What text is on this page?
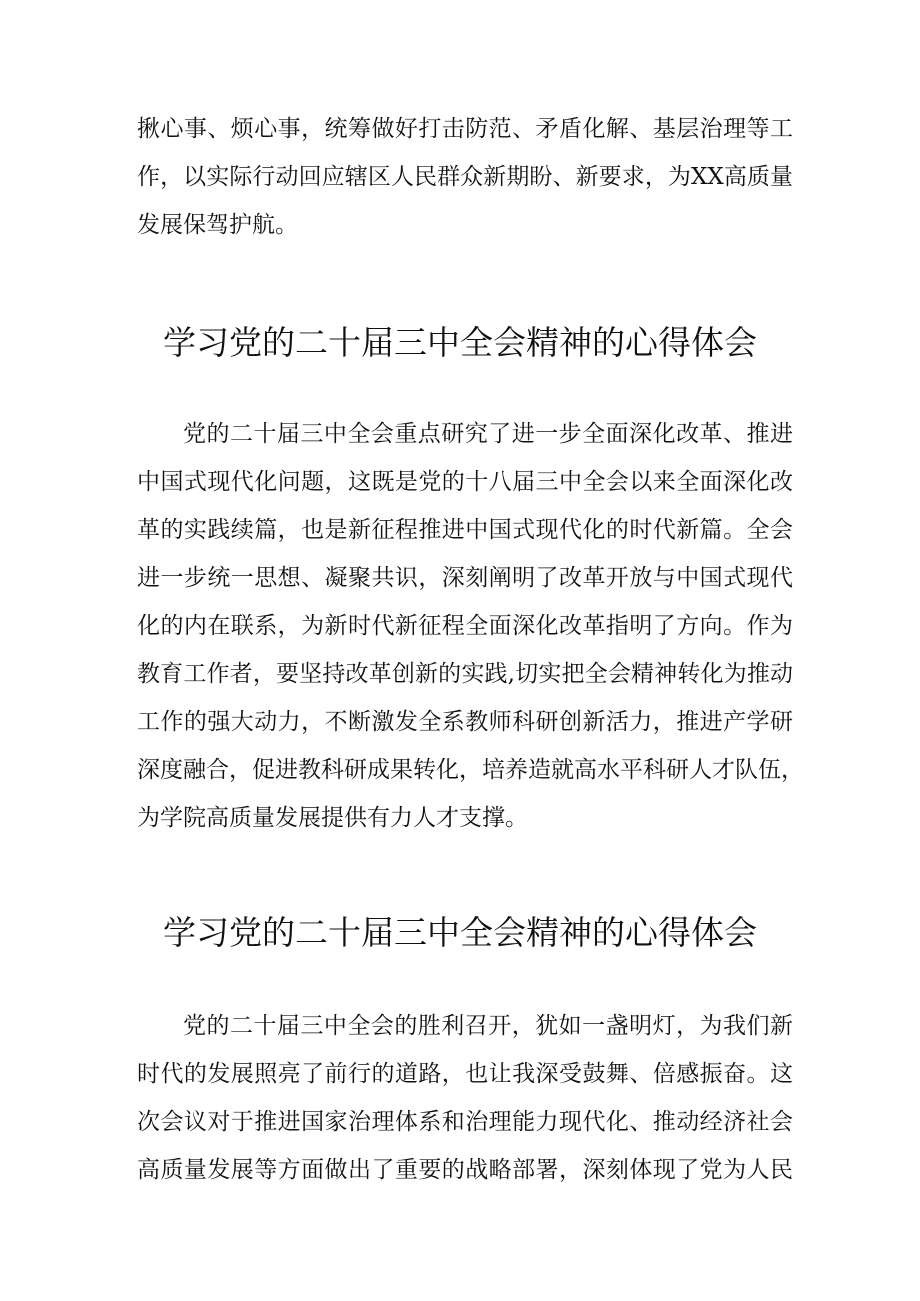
揪心事、烦心事，统筹做好打击防范、矛盾化解、基层治理等工
作，以实际行动回应辖区人民群众新期盼、新要求，为XX高质量
发展保驾护航。
学习党的二十届三中全会精神的心得体会
党的二十届三中全会重点研究了进一步全面深化改革、推进
中国式现代化问题，这既是党的十八届三中全会以来全面深化改
革的实践续篇，也是新征程推进中国式现代化的时代新篇。全会
进一步统一思想、凝聚共识，深刻阐明了改革开放与中国式现代
化的内在联系，为新时代新征程全面深化改革指明了方向。作为
教育工作者，要坚持改革创新的实践,切实把全会精神转化为推动
工作的强大动力，不断激发全系教师科研创新活力，推进产学研
深度融合，促进教科研成果转化，培养造就高水平科研人才队伍，
为学院高质量发展提供有力人才支撑。
学习党的二十届三中全会精神的心得体会
党的二十届三中全会的胜利召开，犹如一盏明灯，为我们新
时代的发展照亮了前行的道路，也让我深受鼓舞、倍感振奋。这
次会议对于推进国家治理体系和治理能力现代化、推动经济社会
高质量发展等方面做出了重要的战略部署，深刻体现了党为人民
